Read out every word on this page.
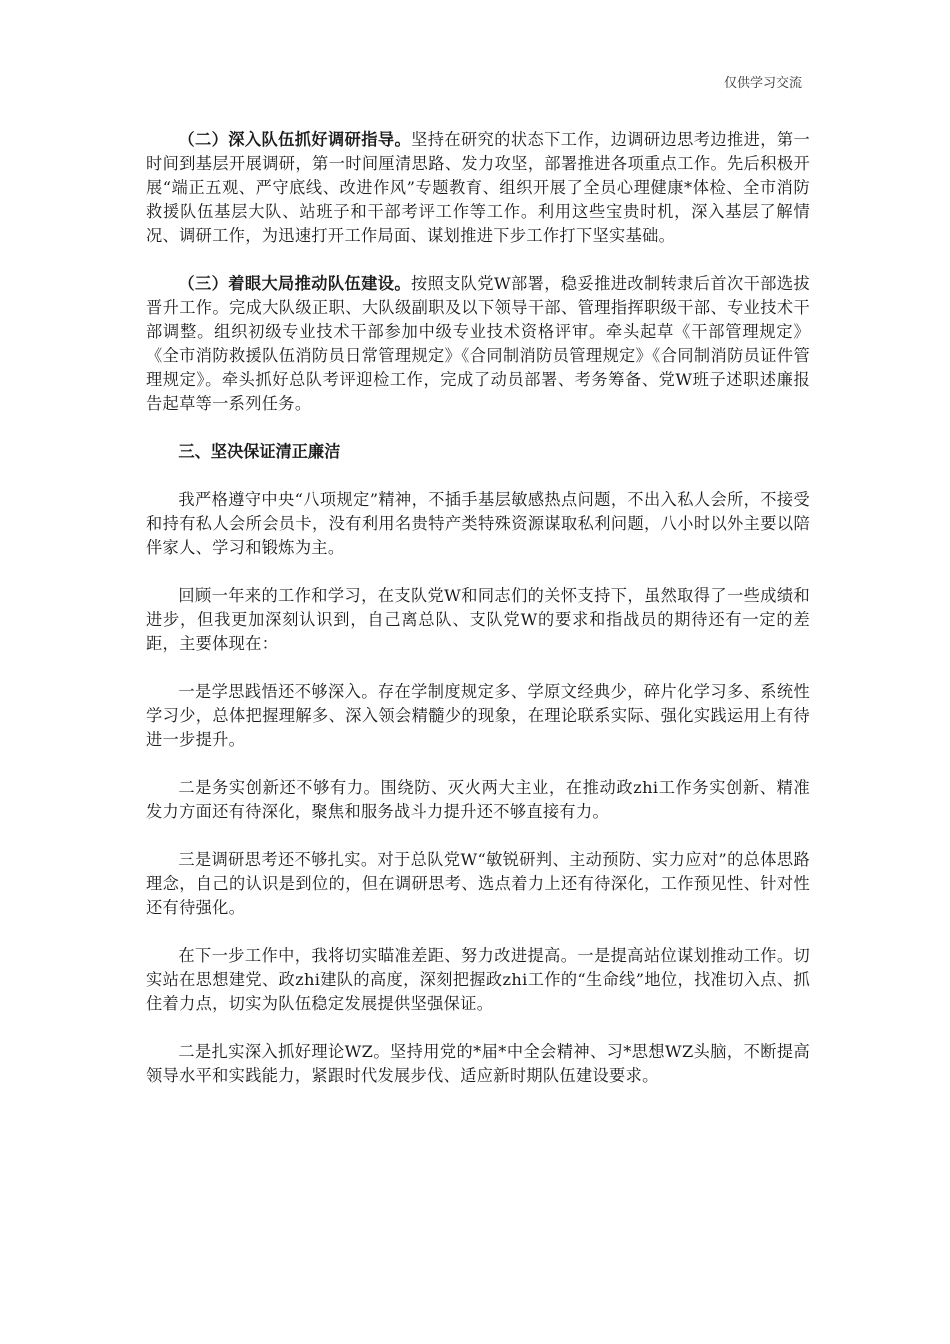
仅供学习交流

（二）深入队伍抓好调研指导。坚持在研究的状态下工作，边调研边思考边推进，第一时间到基层开展调研，第一时间厘清思路、发力攻坚，部署推进各项重点工作。先后积极开展“端正五观、严守底线、改进作风”专题教育、组织开展了全员心理健康*体检、全市消防救援队伍基层大队、站班子和干部考评工作等工作。利用这些宝贵时机，深入基层了解情况、调研工作，为迅速打开工作局面、谋划推进下步工作打下坚实基础。

（三）着眼大局推动队伍建设。按照支队党W部署，稳妥推进改制转隶后首次干部选拔晋升工作。完成大队级正职、大队级副职及以下领导干部、管理指挥职级干部、专业技术干部调整。组织初级专业技术干部参加中级专业技术资格评审。牵头起草《干部管理规定》《全市消防救援队伍消防员日常管理规定》《合同制消防员管理规定》《合同制消防员证件管理规定》。牵头抓好总队考评迎检工作，完成了动员部署、考务筹备、党W班子述职述廉报告起草等一系列任务。

三、坚决保证清正廉洁

我严格遵守中央“八项规定”精神，不插手基层敏感热点问题，不出入私人会所，不接受和持有私人会所会员卡，没有利用名贵特产类特殊资源谋取私利问题，八小时以外主要以陪伴家人、学习和锻炼为主。

回顾一年来的工作和学习，在支队党W和同志们的关怀支持下，虽然取得了一些成绩和进步，但我更加深刻认识到，自己离总队、支队党W的要求和指战员的期待还有一定的差距，主要体现在：

一是学思践悟还不够深入。存在学制度规定多、学原文经典少，碎片化学习多、系统性学习少，总体把握理解多、深入领会精髓少的现象，在理论联系实际、强化实践运用上有待进一步提升。

二是务实创新还不够有力。围绕防、灭火两大主业，在推动政zhi工作务实创新、精准发力方面还有待深化，聚焦和服务战斗力提升还不够直接有力。

三是调研思考还不够扎实。对于总队党W“敏锐研判、主动预防、实力应对”的总体思路理念，自己的认识是到位的，但在调研思考、选点着力上还有待深化，工作预见性、针对性还有待强化。

在下一步工作中，我将切实瞄准差距、努力改进提高。一是提高站位谋划推动工作。切实站在思想建党、政zhi建队的高度，深刻把握政zhi工作的“生命线”地位，找准切入点、抓住着力点，切实为队伍稳定发展提供坚强保证。

二是扎实深入抓好理论WZ。坚持用党的*届*中全会精神、习*思想WZ头脑，不断提高领导水平和实践能力，紧跟时代发展步伐、适应新时期队伍建设要求。
